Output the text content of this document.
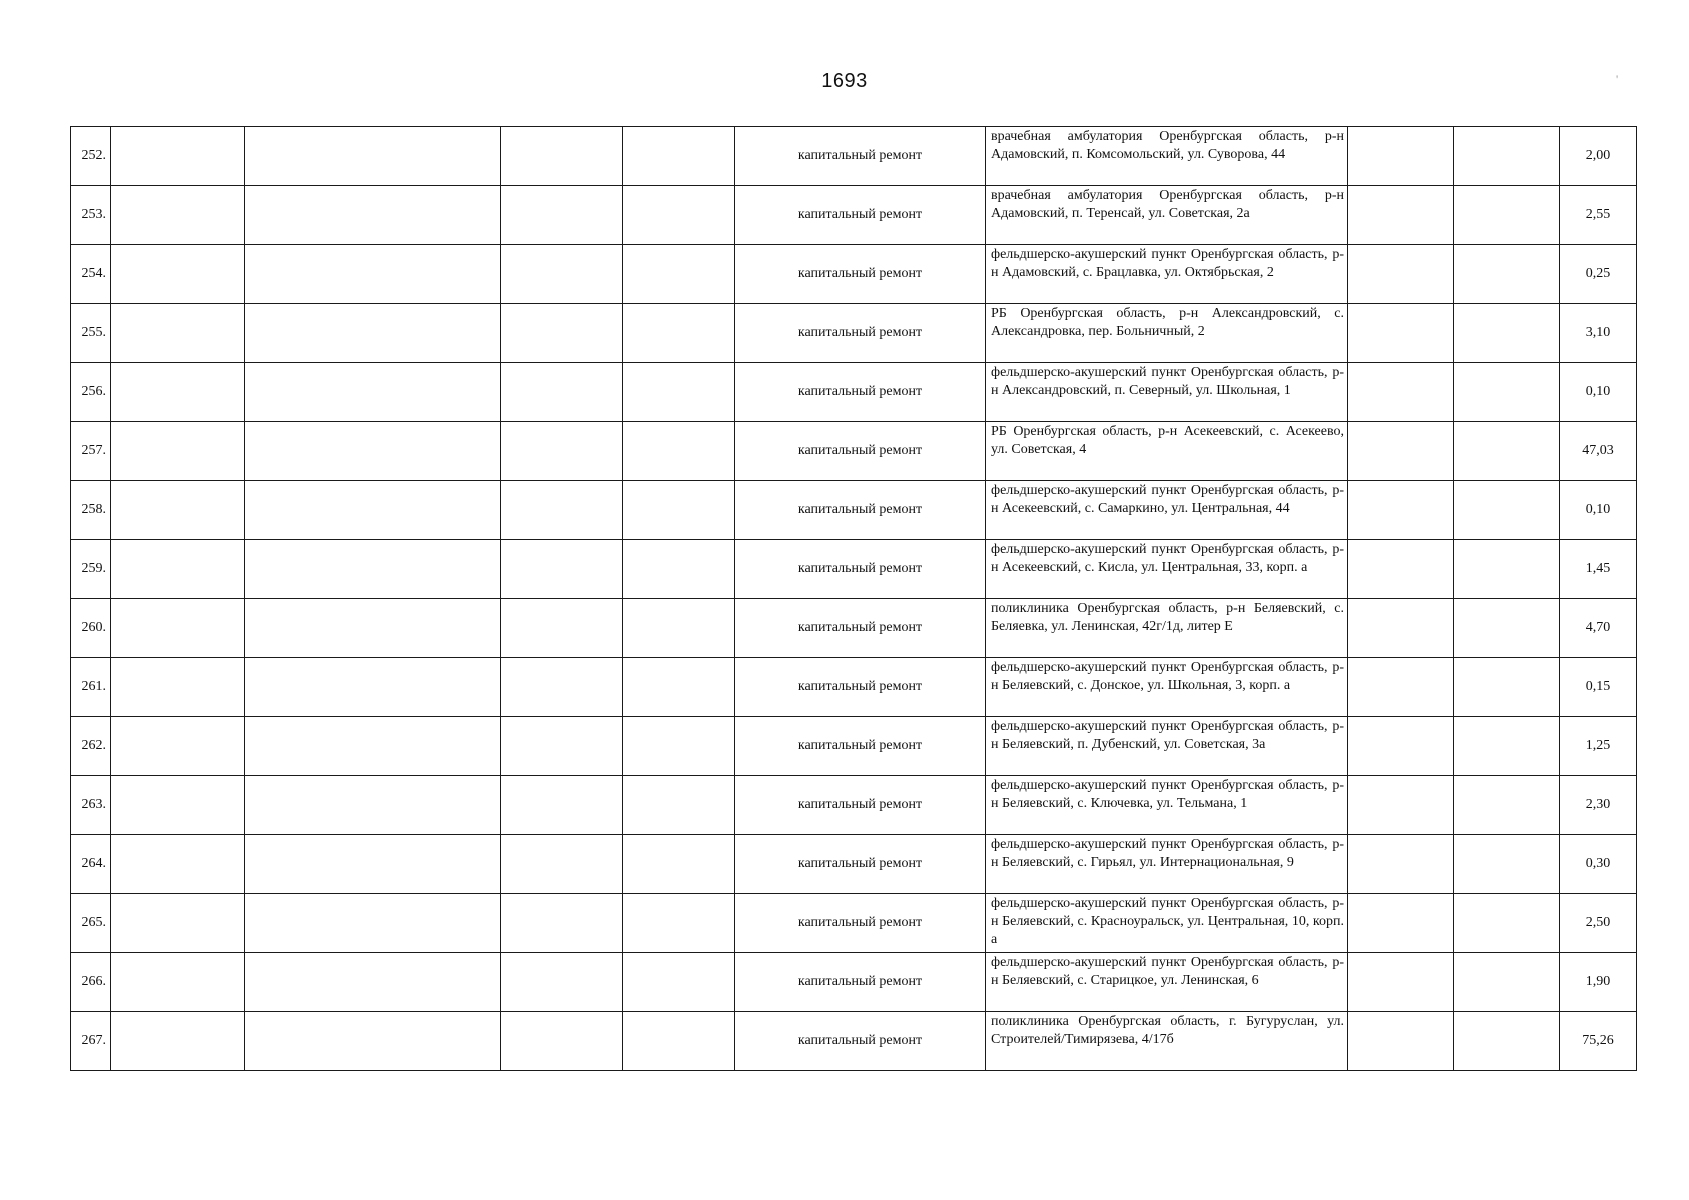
1693	'
252.					капитальный ремонт	врачебная амбулатория Оренбургская область, р-н Адамовский, п. Комсомольский, ул. Суворова, 44			2,00
253.					капитальный ремонт	врачебная амбулатория Оренбургская область, р-н Адамовский, п. Теренсай, ул. Советская, 2а			2,55
254.					капитальный ремонт	фельдшерско-акушерский пункт Оренбургская область, р-н Адамовский, с. Брацлавка, ул. Октябрьская, 2			0,25
255.					капитальный ремонт	РБ Оренбургская область, р-н Александровский, с. Александровка, пер. Больничный, 2			3,10
256.					капитальный ремонт	фельдшерско-акушерский пункт Оренбургская область, р-н Александровский, п. Северный, ул. Школьная, 1			0,10
257.					капитальный ремонт	РБ Оренбургская область, р-н Асекеевский, с. Асекеево, ул. Советская, 4			47,03
258.					капитальный ремонт	фельдшерско-акушерский пункт Оренбургская область, р-н Асекеевский, с. Самаркино, ул. Центральная, 44			0,10
259.					капитальный ремонт	фельдшерско-акушерский пункт Оренбургская область, р-н Асекеевский, с. Кисла, ул. Центральная, 33, корп. а			1,45
260.					капитальный ремонт	поликлиника Оренбургская область, р-н Беляевский, с. Беляевка, ул. Ленинская, 42г/1д, литер Е			4,70
261.					капитальный ремонт	фельдшерско-акушерский пункт Оренбургская область, р-н Беляевский, с. Донское, ул. Школьная, 3, корп. а			0,15
262.					капитальный ремонт	фельдшерско-акушерский пункт Оренбургская область, р-н Беляевский, п. Дубенский, ул. Советская, 3а			1,25
263.					капитальный ремонт	фельдшерско-акушерский пункт Оренбургская область, р-н Беляевский, с. Ключевка, ул. Тельмана, 1			2,30
264.					капитальный ремонт	фельдшерско-акушерский пункт Оренбургская область, р-н Беляевский, с. Гирьял, ул. Интернациональная, 9			0,30
265.					капитальный ремонт	фельдшерско-акушерский пункт Оренбургская область, р-н Беляевский, с. Красноуральск, ул. Центральная, 10, корп. а			2,50
266.					капитальный ремонт	фельдшерско-акушерский пункт Оренбургская область, р-н Беляевский, с. Старицкое, ул. Ленинская, 6			1,90
267.					капитальный ремонт	поликлиника Оренбургская область, г. Бугуруслан, ул. Строителей/Тимирязева, 4/17б			75,26
